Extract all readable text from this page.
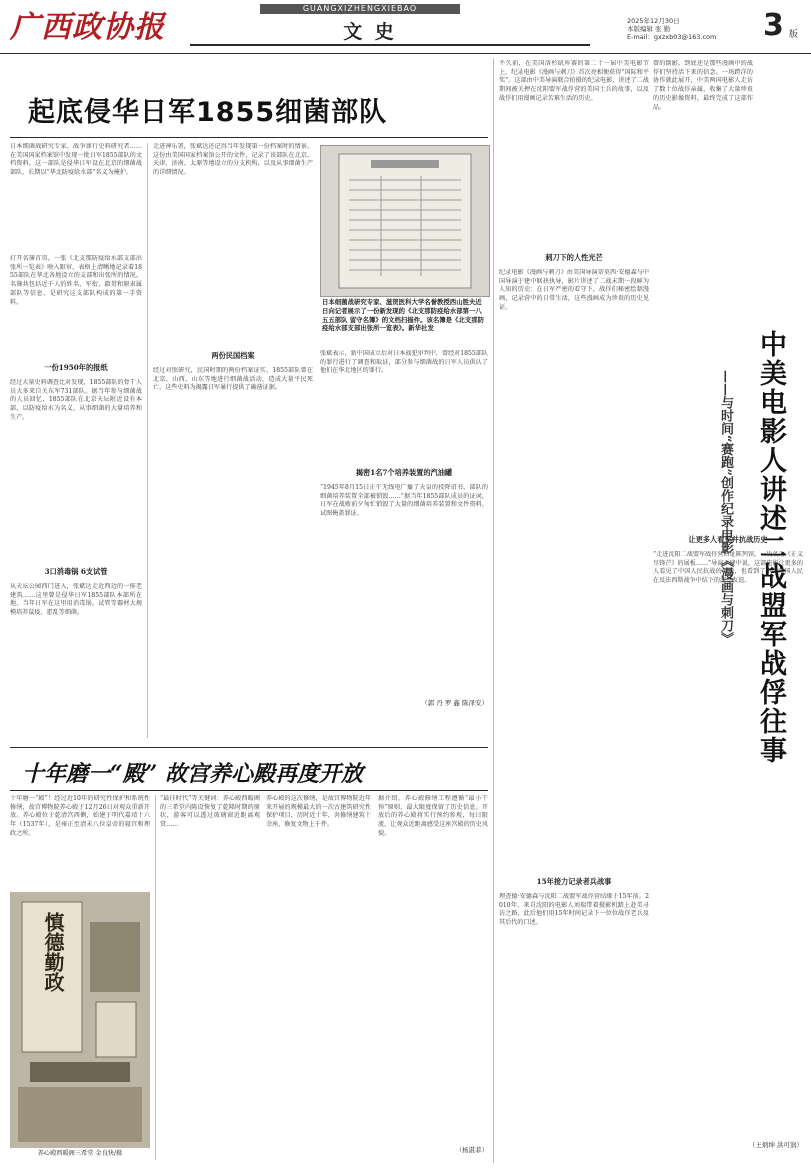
广西政协报
GUANGXIZHENGXIEBAO
文 史	2025年12月30日
本版编辑 张 勤
E-mail：gxzxb03@163.com	3 版
起底侵华日军1855细菌部队
日本细菌战研究专家、战争罪行史料研究者……在美国国家档案馆中发现一批日军1855部队的文档资料，这一部队是侵华日军设在北京的细菌战部队，长期以“华北防疫给水部”名义为掩护。
打开名簿首页，一张《北支那防疫给水部支部出张所一览表》映入眼帘，表格上清晰地记录着1855部队在华北各地设立的支部和出张所的情况。名簿共包括近千人的姓名、军衔、籍贯和原隶属部队等信息，是研究这支部队构成的第一手资料。
一份1950年的报纸
经过大量史料调查比对发现，1855部队的骨干人员大多来自关东军731部队。据当年参与细菌战的人员回忆，1855部队在北京天坛附近设有本部，以防疫给水为名义，从事细菌的大量培养和生产。
3口消毒锅 6支试管
从天坛公园西门进入，张斌达走近西边的一排老建筑……这里曾是侵华日军1855部队本部所在地，当年日军在这里用消毒锅、试管等器材大规模培养鼠疫、霍乱等细菌。
走进神乐署，张斌达还记得当年发现第一份档案时的情景。这份由美国国家档案馆公开的文件，记录了该部队在北京、天津、济南、太原等地设立的分支机构，以及从事细菌生产的详细情况。
两份民国档案
经过对照研究，民国时期的两份档案证实，1855部队曾在北京、山西、山东等地进行细菌战活动，造成大量平民死亡，这些史料为揭露日军暴行提供了确凿证据。
日本细菌战研究专家、滋贺医科大学名誉教授西山胜夫近日向记者展示了一份新发现的《北支那防疫给水部第一八五五部队 留守名簿》的文档扫描件。该名簿是《北支那防疫给水部支部出张所一览表》。新华社发
张斌表示，新中国成立后对日本战犯审判中，曾经对1855部队的罪行进行了调查和取证，部分参与细菌战的日军人员供认了他们在华北地区的罪行。
揭密1名7个培养装置的汽油罐
“1945年8月15日正午无线电广播了天皇的投降诏书，部队的细菌培养装置全部被销毁……”据当年1855部队成员的证词，日军在战败前夕匆忙销毁了大量的细菌培养装置和文件资料，试图掩盖罪证。
（郭 丹 罗 鑫 陈泽安）
不久前，在美国洛杉矶库赛的第二十一届中美电影节上，纪录电影《漫画与刺刀》首次亮相便获得“国际和平奖”。这部由中美导演联合拍摄的纪录电影，讲述了二战期间被关押在沈阳盟军战俘营的美国士兵的故事，以及战俘们用漫画记录苦难生活的历史。
刺刀下的人性光芒
纪录电影《漫画与刺刀》由美国导演蒂莫西·安德森与中国导演于建中联袂执导，影片讲述了二战末期一段鲜为人知的历史：在日军严密的看守下，战俘们秘密绘制漫画，记录营中的日常生活，这些漫画成为珍贵的历史见证。
15年接力记录者兵战事
理查德·安德森与沈阳二战盟军战俘营结缘于15年前。2010年，来自沈阳的电影人刘瑞带着摄影机踏上赴美寻访之路，此后他们用15年时间记录下一位位战俘老兵及其后代的口述。
曾的倒影，到底还是那些漫画中的战俘们坚持活下来的信念。一场跨洋的协作就此展开，中美两国电影人走访了数十位战俘亲属，收集了大量珍贵的历史影像资料，最终完成了这部作品。
中美电影人讲述二战盟军战俘往事
——与时间“赛跑”创作纪录电影《漫画与刺刀》
让更多人看见并抗战历史
“走进沈阳二战盟军战俘营旧址陈列馆，一块名为《正义尽锋芒》的展板……”导演于建中说，这部电影让更多的人看见了中国人民抗战的历史，也看到了中美两国人民在反法西斯战争中结下的深厚友谊。
（王炳坤 洪可润）
十年磨一“殿” 故宫养心殿再度开放
十年磨一“殿”！经过近10年的研究性保护和系统性修缮，故宫博物院养心殿于12月26日对观众重新开放。养心殿位于乾清宫西侧，始建于明代嘉靖十六年（1537年），是雍正至清末八位皇帝的寝宫和理政之所。
慎德勤政
养心殿西暖阁三希堂 金良快/摄
“最佳时代”等关键词：养心殿西暖阁的三希堂内陈设恢复了乾隆时期的原状，游客可以透过玻璃窗近距离观赏……
养心殿的这次修缮，是故宫博物院近年来开展的规模最大的一次古建筑研究性保护项目，历时近十年，共修缮建筑十余座，修复文物上千件。
据介绍，养心殿修缮工程遵循“最小干预”原则，最大限度保留了历史信息。开放后的养心殿将实行预约参观，每日限流，让观众近距离感受这座宫殿的历史风貌。
（杨湛菲）
